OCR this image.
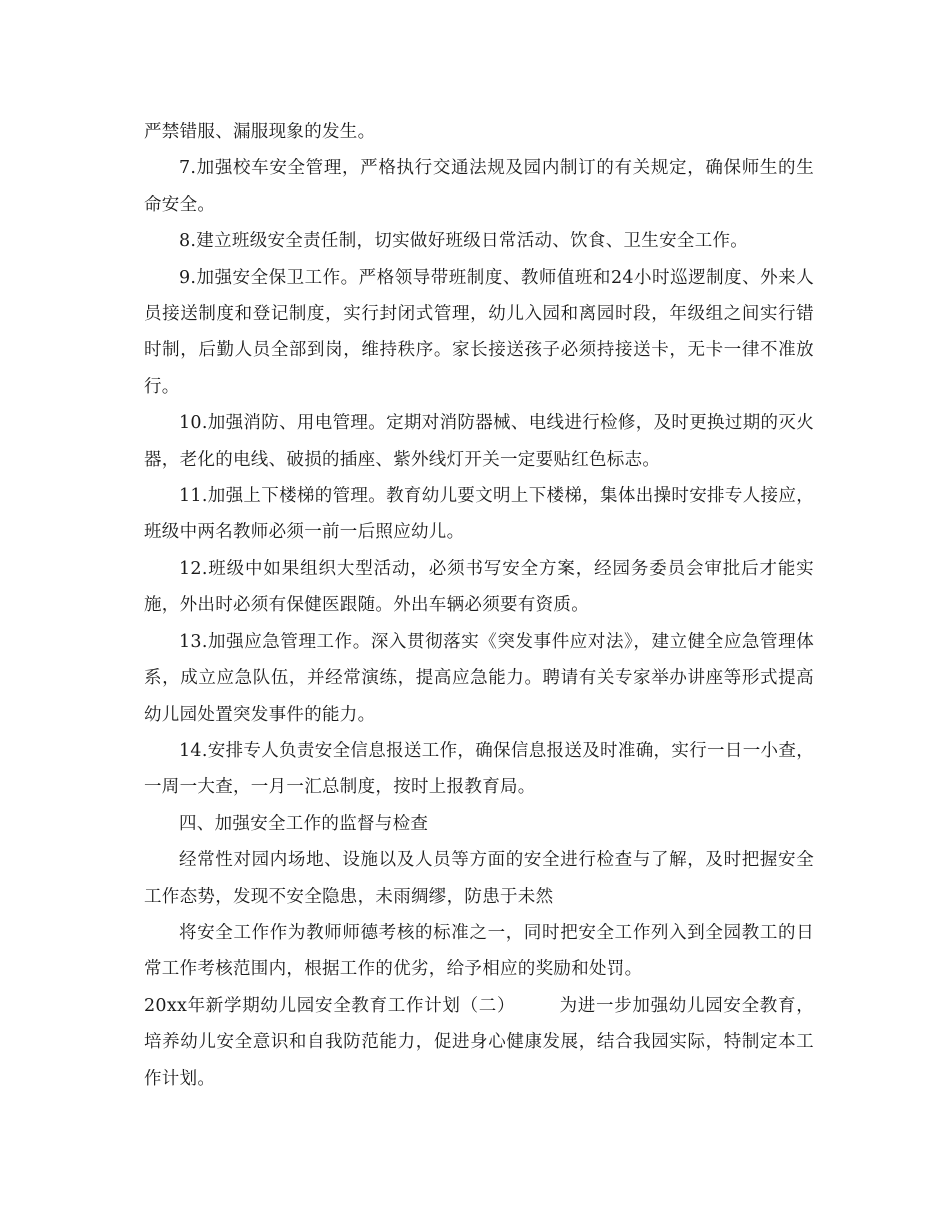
严禁错服、漏服现象的发生。

7.加强校车安全管理，严格执行交通法规及园内制订的有关规定，确保师生的生命安全。

8.建立班级安全责任制，切实做好班级日常活动、饮食、卫生安全工作。

9.加强安全保卫工作。严格领导带班制度、教师值班和24小时巡逻制度、外来人员接送制度和登记制度，实行封闭式管理，幼儿入园和离园时段，年级组之间实行错时制，后勤人员全部到岗，维持秩序。家长接送孩子必须持接送卡，无卡一律不准放行。

10.加强消防、用电管理。定期对消防器械、电线进行检修，及时更换过期的灭火器，老化的电线、破损的插座、紫外线灯开关一定要贴红色标志。

11.加强上下楼梯的管理。教育幼儿要文明上下楼梯，集体出操时安排专人接应，班级中两名教师必须一前一后照应幼儿。

12.班级中如果组织大型活动，必须书写安全方案，经园务委员会审批后才能实施，外出时必须有保健医跟随。外出车辆必须要有资质。

13.加强应急管理工作。深入贯彻落实《突发事件应对法》，建立健全应急管理体系，成立应急队伍，并经常演练，提高应急能力。聘请有关专家举办讲座等形式提高幼儿园处置突发事件的能力。

14.安排专人负责安全信息报送工作，确保信息报送及时准确，实行一日一小查，一周一大查，一月一汇总制度，按时上报教育局。

四、加强安全工作的监督与检查

经常性对园内场地、设施以及人员等方面的安全进行检查与了解，及时把握安全工作态势，发现不安全隐患，未雨绸缪，防患于未然

将安全工作作为教师师德考核的标准之一，同时把安全工作列入到全园教工的日常工作考核范围内，根据工作的优劣，给予相应的奖励和处罚。

20xx年新学期幼儿园安全教育工作计划（二）	为进一步加强幼儿园安全教育，培养幼儿安全意识和自我防范能力，促进身心健康发展，结合我园实际，特制定本工作计划。
